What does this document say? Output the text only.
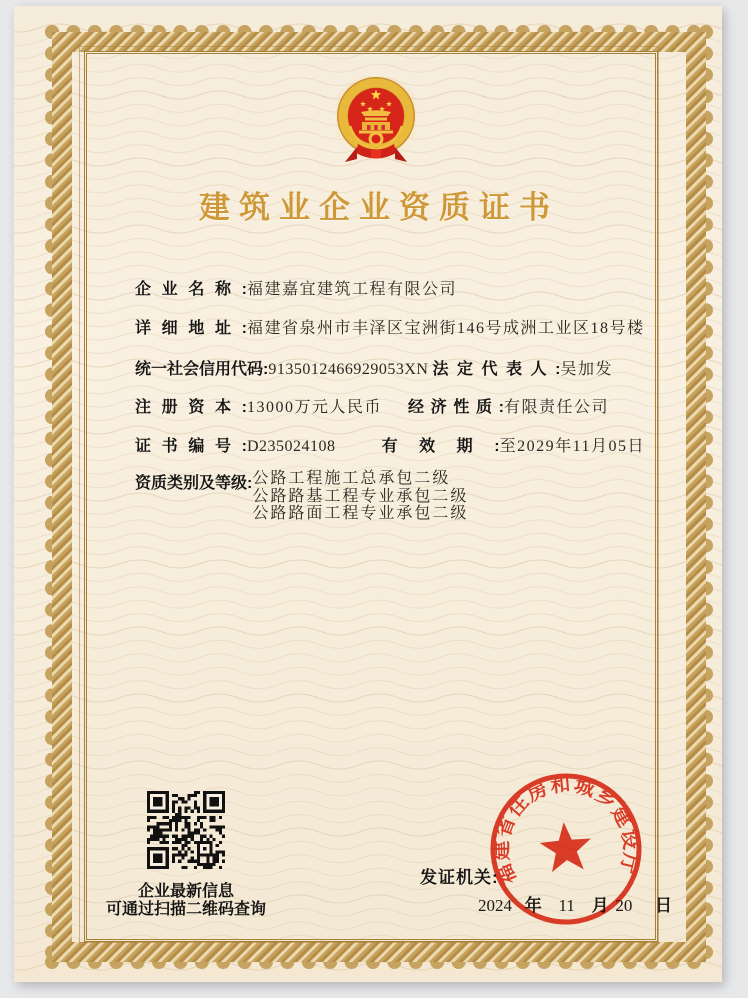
建筑业企业资质证书
企业名称:福建嘉宜建筑工程有限公司
详细地址:福建省泉州市丰泽区宝洲街146号成洲工业区18号楼
统一社会信用代码:9135012466929053XN 法定代表人:吴加发
注册资本:13000万元人民币 经济性质:有限责任公司
证书编号:D235024108	有效期:至2029年11月05日
资质类别及等级: 公路工程施工总承包二级
公路路基工程专业承包二级
公路路面工程专业承包二级
企业最新信息
可通过扫描二维码查询
发证机关:
2024 年 11 月 20 日
福
建
省
住
房
和 城
乡
建
设
厅
